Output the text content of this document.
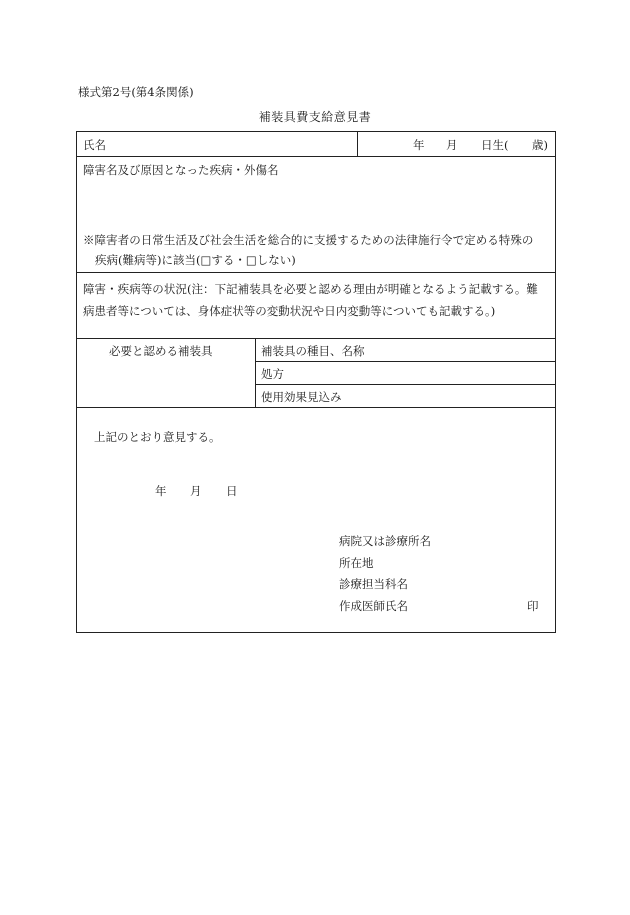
様式第2号(第4条関係)
補装具費支給意見書
氏名	年 月 日生( 歳)
障害名及び原因となった疾病・外傷名
※障害者の日常生活及び社会生活を総合的に支援するための法律施行令で定める特殊の
疾病(難病等)に該当(□する・□しない)
障害・疾病等の状況(注：下記補装具を必要と認める理由が明確となるよう記載する。難
病患者等については、身体症状等の変動状況や日内変動等についても記載する。)
必要と認める補装具	補装具の種目、名称
処方
使用効果見込み
上記のとおり意見する。
年 月 日
病院又は診療所名
所在地
診療担当科名
作成医師氏名	印
